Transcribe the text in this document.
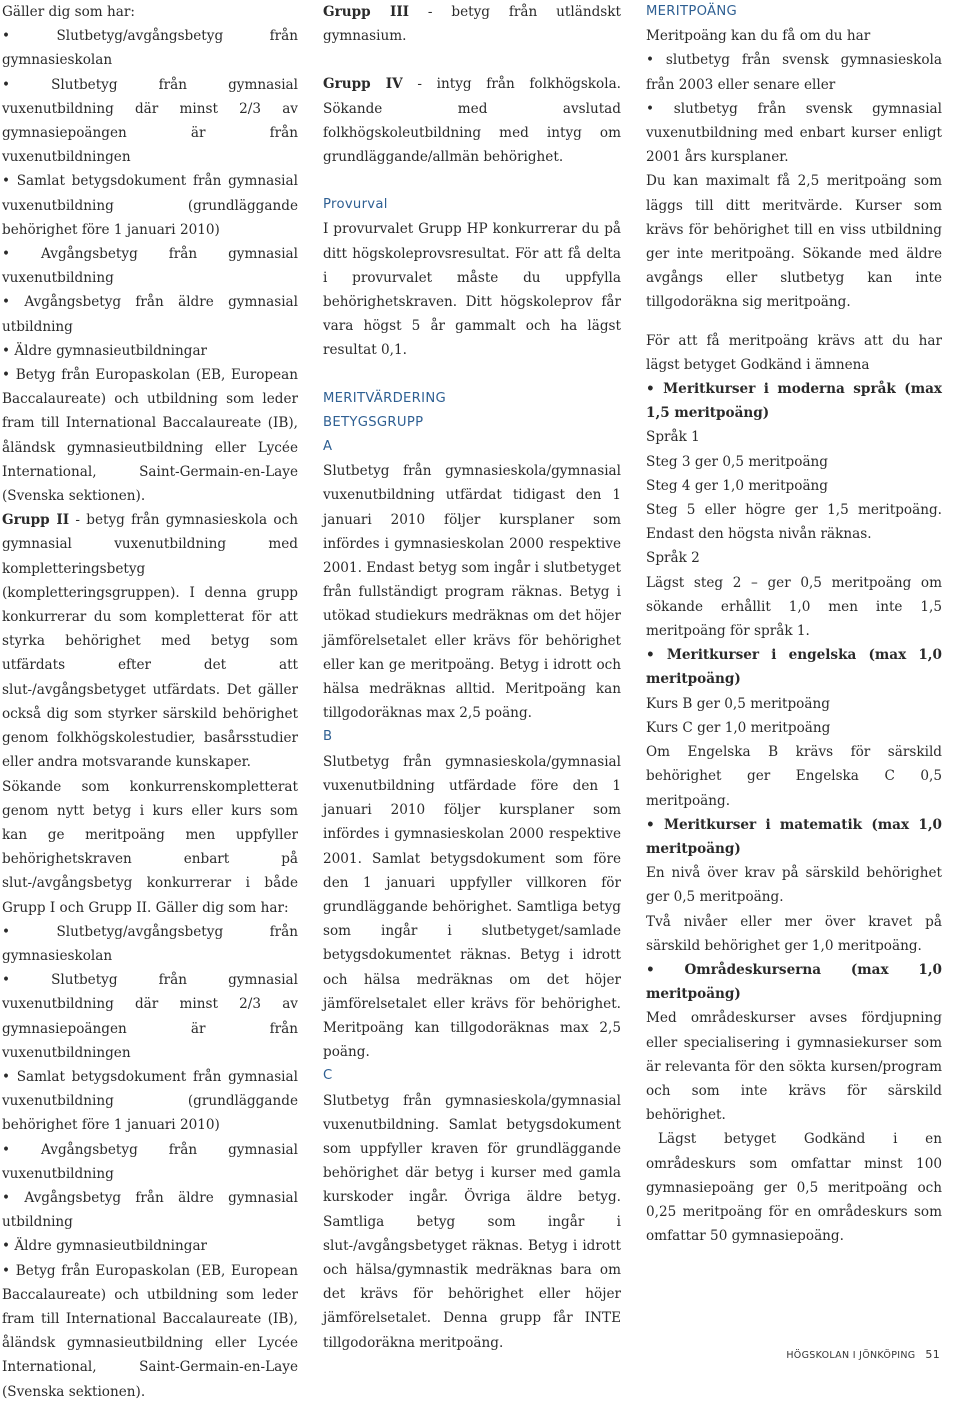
Gäller dig som har:

• Slutbetyg/avgångsbetyg från gymnasieskolan

• Slutbetyg från gymnasial vuxenutbildning där minst 2/3 av gymnasiepoängen är från vuxenutbildningen

• Samlat betygsdokument från gymnasial vuxenutbildning (grundläggande behörighet före 1 januari 2010)

• Avgångsbetyg från gymnasial vuxenutbildning

• Avgångsbetyg från äldre gymnasial utbildning

• Äldre gymnasieutbildningar

• Betyg från Europaskolan (EB, European Baccalaureate) och utbildning som leder fram till International Baccalaureate (IB), åländsk gymnasieutbildning eller Lycée International, Saint-Germain-en-Laye (Svenska sektionen).

Grupp II - betyg från gymnasieskola och gymnasial vuxenutbildning med kompletteringsbetyg (kompletteringsgruppen). I denna grupp konkurrerar du som kompletterat för att styrka behörighet med betyg som utfärdats efter det att slut-/avgångsbetyget utfärdats. Det gäller också dig som styrker särskild behörighet genom folkhögskolestudier, basårsstudier eller andra motsvarande kunskaper.

Sökande som konkurrenskompletterat genom nytt betyg i kurs eller kurs som kan ge meritpoäng men uppfyller behörighetskraven enbart på slut-/avgångsbetyg konkurrerar i både Grupp I och Grupp II. Gäller dig som har:

• Slutbetyg/avgångsbetyg från gymnasieskolan

• Slutbetyg från gymnasial vuxenutbildning där minst 2/3 av gymnasiepoängen är från vuxenutbildningen

• Samlat betygsdokument från gymnasial vuxenutbildning (grundläggande behörighet före 1 januari 2010)

• Avgångsbetyg från gymnasial vuxenutbildning

• Avgångsbetyg från äldre gymnasial utbildning

• Äldre gymnasieutbildningar

• Betyg från Europaskolan (EB, European Baccalaureate) och utbildning som leder fram till International Baccalaureate (IB), åländsk gymnasieutbildning eller Lycée International, Saint-Germain-en-Laye (Svenska sektionen).

Grupp III - betyg från utländskt gymnasium.

Grupp IV - intyg från folkhögskola. Sökande med avslutad folkhögskoleutbildning med intyg om grundläggande/allmän behörighet.

Provurval

I provurvalet Grupp HP konkurrerar du på ditt högskoleprovsresultat. För att få delta i provurvalet måste du uppfylla behörighetskraven. Ditt högskoleprov får vara högst 5 år gammalt och ha lägst resultat 0,1.

MERITVÄRDERING

BETYGSGRUPP

A

Slutbetyg från gymnasieskola/gymnasial vuxenutbildning utfärdat tidigast den 1 januari 2010 följer kursplaner som infördes i gymnasieskolan 2000 respektive 2001. Endast betyg som ingår i slutbetyget från fullständigt program räknas. Betyg i utökad studiekurs medräknas om det höjer jämförelsetalet eller krävs för behörighet eller kan ge meritpoäng. Betyg i idrott och hälsa medräknas alltid. Meritpoäng kan tillgodoräknas max 2,5 poäng.

B

Slutbetyg från gymnasieskola/gymnasial vuxenutbildning utfärdade före den 1 januari 2010 följer kursplaner som infördes i gymnasieskolan 2000 respektive 2001. Samlat betygsdokument som före den 1 januari uppfyller villkoren för grundläggande behörighet. Samtliga betyg som ingår i slutbetyget/samlade betygsdokumentet räknas. Betyg i idrott och hälsa medräknas om det höjer jämförelsetalet eller krävs för behörighet. Meritpoäng kan tillgodoräknas max 2,5 poäng.

C

Slutbetyg från gymnasieskola/gymnasial vuxenutbildning. Samlat betygsdokument som uppfyller kraven för grundläggande behörighet där betyg i kurser med gamla kurskoder ingår. Övriga äldre betyg. Samtliga betyg som ingår i slut-/avgångsbetyget räknas. Betyg i idrott och hälsa/gymnastik medräknas bara om det krävs för behörighet eller höjer jämförelsetalet. Denna grupp får INTE tillgodoräkna meritpoäng.

MERITPOÄNG

Meritpoäng kan du få om du har

• slutbetyg från svensk gymnasieskola från 2003 eller senare eller

• slutbetyg från svensk gymnasial vuxenutbildning med enbart kurser enligt 2001 års kursplaner.

Du kan maximalt få 2,5 meritpoäng som läggs till ditt meritvärde. Kurser som krävs för behörighet till en viss utbildning ger inte meritpoäng. Sökande med äldre avgångs eller slutbetyg kan inte tillgodoräkna sig meritpoäng.

För att få meritpoäng krävs att du har lägst betyget Godkänd i ämnena

• Meritkurser i moderna språk (max 1,5 meritpoäng)

Språk 1

Steg 3 ger 0,5 meritpoäng

Steg 4 ger 1,0 meritpoäng

Steg 5 eller högre ger 1,5 meritpoäng. Endast den högsta nivån räknas.

Språk 2

Lägst steg 2 – ger 0,5 meritpoäng om sökande erhållit 1,0 men inte 1,5 meritpoäng för språk 1.

• Meritkurser i engelska (max 1,0 meritpoäng)

Kurs B ger 0,5 meritpoäng

Kurs C ger 1,0 meritpoäng

Om Engelska B krävs för särskild behörighet ger Engelska C 0,5 meritpoäng.

• Meritkurser i matematik (max 1,0 meritpoäng)

En nivå över krav på särskild behörighet ger 0,5 meritpoäng.

Två nivåer eller mer över kravet på särskild behörighet ger 1,0 meritpoäng.

• Områdeskurserna (max 1,0 meritpoäng)

Med områdeskurser avses fördjupning eller specialisering i gymnasiekurser som är relevanta för den sökta kursen/program och som inte krävs för särskild behörighet.

Lägst betyget Godkänd i en områdeskurs som omfattar minst 100 gymnasiepoäng ger 0,5 meritpoäng och 0,25 meritpoäng för en områdeskurs som omfattar 50 gymnasiepoäng.

HÖGSKOLAN I JÖNKÖPING 51
